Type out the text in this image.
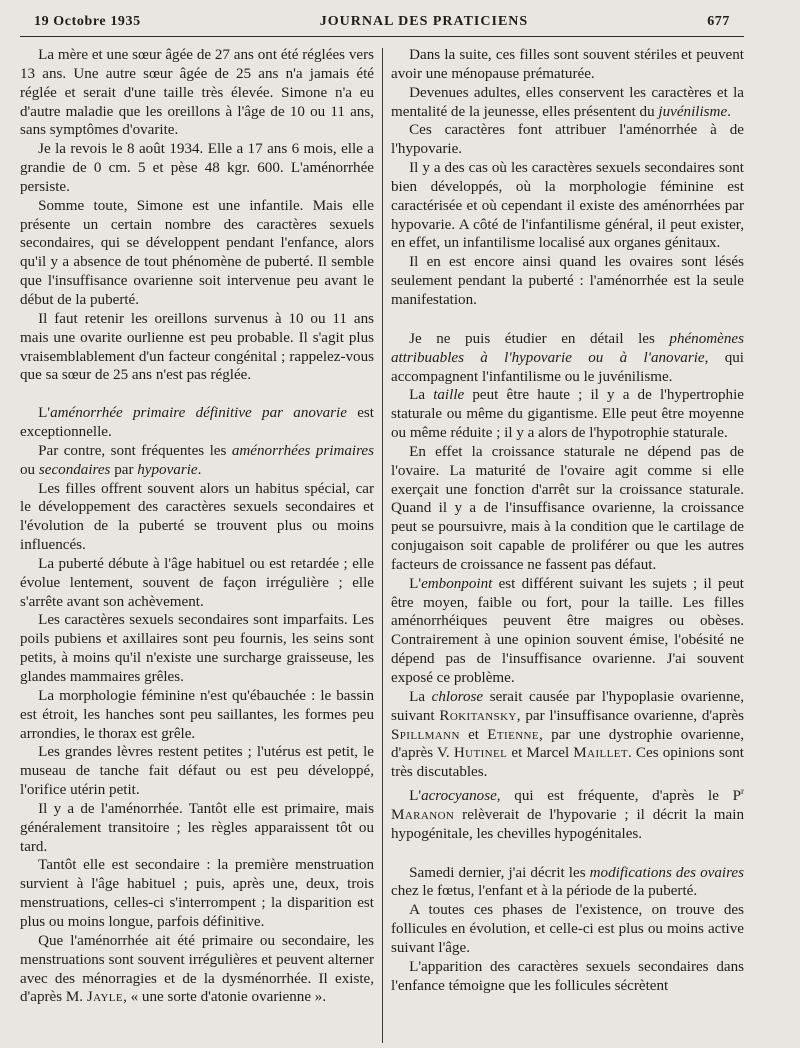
19 Octobre 1935	JOURNAL DES PRATICIENS	677

La mère et une sœur âgée de 27 ans ont été réglées vers 13 ans. Une autre sœur âgée de 25 ans n'a jamais été réglée et serait d'une taille très élevée. Simone n'a eu d'autre maladie que les oreillons à l'âge de 10 ou 11 ans, sans symptômes d'ovarite.

Je la revois le 8 août 1934. Elle a 17 ans 6 mois, elle a grandie de 0 cm. 5 et pèse 48 kgr. 600. L'aménorrhée persiste.

Somme toute, Simone est une infantile. Mais elle présente un certain nombre des caractères sexuels secondaires, qui se développent pendant l'enfance, alors qu'il y a absence de tout phénomène de puberté. Il semble que l'insuffisance ovarienne soit intervenue peu avant le début de la puberté.

Il faut retenir les oreillons survenus à 10 ou 11 ans mais une ovarite ourlienne est peu probable. Il s'agit plus vraisemblablement d'un facteur congénital ; rappelez-vous que sa sœur de 25 ans n'est pas réglée.

L'aménorrhée primaire définitive par anovarie est exceptionnelle.

Par contre, sont fréquentes les aménorrhées primaires ou secondaires par hypovarie.

Les filles offrent souvent alors un habitus spécial, car le développement des caractères sexuels secondaires et l'évolution de la puberté se trouvent plus ou moins influencés.

La puberté débute à l'âge habituel ou est retardée ; elle évolue lentement, souvent de façon irrégulière ; elle s'arrête avant son achèvement.

Les caractères sexuels secondaires sont imparfaits. Les poils pubiens et axillaires sont peu fournis, les seins sont petits, à moins qu'il n'existe une surcharge graisseuse, les glandes mammaires grêles.

La morphologie féminine n'est qu'ébauchée : le bassin est étroit, les hanches sont peu saillantes, les formes peu arrondies, le thorax est grêle.

Les grandes lèvres restent petites ; l'utérus est petit, le museau de tanche fait défaut ou est peu développé, l'orifice utérin petit.

Il y a de l'aménorrhée. Tantôt elle est primaire, mais généralement transitoire ; les règles apparaissent tôt ou tard.

Tantôt elle est secondaire : la première menstruation survient à l'âge habituel ; puis, après une, deux, trois menstruations, celles-ci s'interrompent ; la disparition est plus ou moins longue, parfois définitive.

Que l'aménorrhée ait été primaire ou secondaire, les menstruations sont souvent irrégulières et peuvent alterner avec des ménorragies et de la dysménorrhée. Il existe, d'après M. Jayle, « une sorte d'atonie ovarienne ».

Dans la suite, ces filles sont souvent stériles et peuvent avoir une ménopause prématurée.

Devenues adultes, elles conservent les caractères et la mentalité de la jeunesse, elles présentent du juvénilisme.

Ces caractères font attribuer l'aménorrhée à de l'hypovarie.

Il y a des cas où les caractères sexuels secondaires sont bien développés, où la morphologie féminine est caractérisée et où cependant il existe des aménorrhées par hypovarie. A côté de l'infantilisme général, il peut exister, en effet, un infantilisme localisé aux organes génitaux.

Il en est encore ainsi quand les ovaires sont lésés seulement pendant la puberté : l'aménorrhée est la seule manifestation.

Je ne puis étudier en détail les phénomènes attribuables à l'hypovarie ou à l'anovarie, qui accompagnent l'infantilisme ou le juvénilisme.

La taille peut être haute ; il y a de l'hypertrophie staturale ou même du gigantisme. Elle peut être moyenne ou même réduite ; il y a alors de l'hypotrophie staturale.

En effet la croissance staturale ne dépend pas de l'ovaire. La maturité de l'ovaire agit comme si elle exerçait une fonction d'arrêt sur la croissance staturale. Quand il y a de l'insuffisance ovarienne, la croissance peut se poursuivre, mais à la condition que le cartilage de conjugaison soit capable de proliférer ou que les autres facteurs de croissance ne fassent pas défaut.

L'embonpoint est différent suivant les sujets ; il peut être moyen, faible ou fort, pour la taille. Les filles aménorrhéiques peuvent être maigres ou obèses. Contrairement à une opinion souvent émise, l'obésité ne dépend pas de l'insuffisance ovarienne. J'ai souvent exposé ce problème.

La chlorose serait causée par l'hypoplasie ovarienne, suivant Rokitansky, par l'insuffisance ovarienne, d'après Spillmann et Etienne, par une dystrophie ovarienne, d'après V. Hutinel et Marcel Maillet. Ces opinions sont très discutables.

L'acrocyanose, qui est fréquente, d'après le $P^r$ Maranon relèverait de l'hypovarie ; il décrit la main hypogénitale, les chevilles hypogénitales.

Samedi dernier, j'ai décrit les modifications des ovaires chez le fœtus, l'enfant et à la période de la puberté.

A toutes ces phases de l'existence, on trouve des follicules en évolution, et celle-ci est plus ou moins active suivant l'âge.

L'apparition des caractères sexuels secondaires dans l'enfance témoigne que les follicules sécrètent
